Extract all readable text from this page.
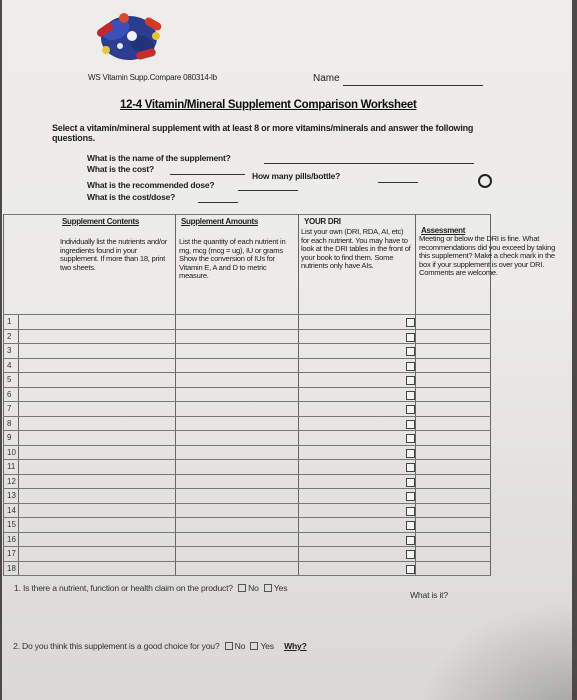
WS Vitamin Supp.Compare 080314-lb	Name
12-4 Vitamin/Mineral Supplement Comparison Worksheet
Select a vitamin/mineral supplement with at least 8 or more vitamins/minerals and answer the following questions.
What is the name of the supplement?
What is the cost?
How many pills/bottle?
What is the recommended dose?
What is the cost/dose?
Supplement Contents
Individually list the nutrients and/or ingredients found in your supplement. If more than 18, print two sheets.
Supplement Amounts
List the quantity of each nutrient in mg, mcg (mcg = ug), IU or grams Show the conversion of IUs for Vitamin E, A and D to metric measure.
YOUR DRI
List your own (DRI, RDA, AI, etc) for each nutrient. You may have to look at the DRI tables in the front of your book to find them. Some nutrients only have AIs.
Assessment
Meeting or below the DRI is fine. What recommendations did you exceed by taking this supplement? Make a check mark in the box if your supplement is over your DRI. Comments are welcome.
1
2
3
4
5
6
7
8
9
10
11
12
13
14
15
16
17
18
1. Is there a nutrient, function or health claim on the product? No Yes
What is it?
2. Do you think this supplement is a good choice for you? No Yes Why?
